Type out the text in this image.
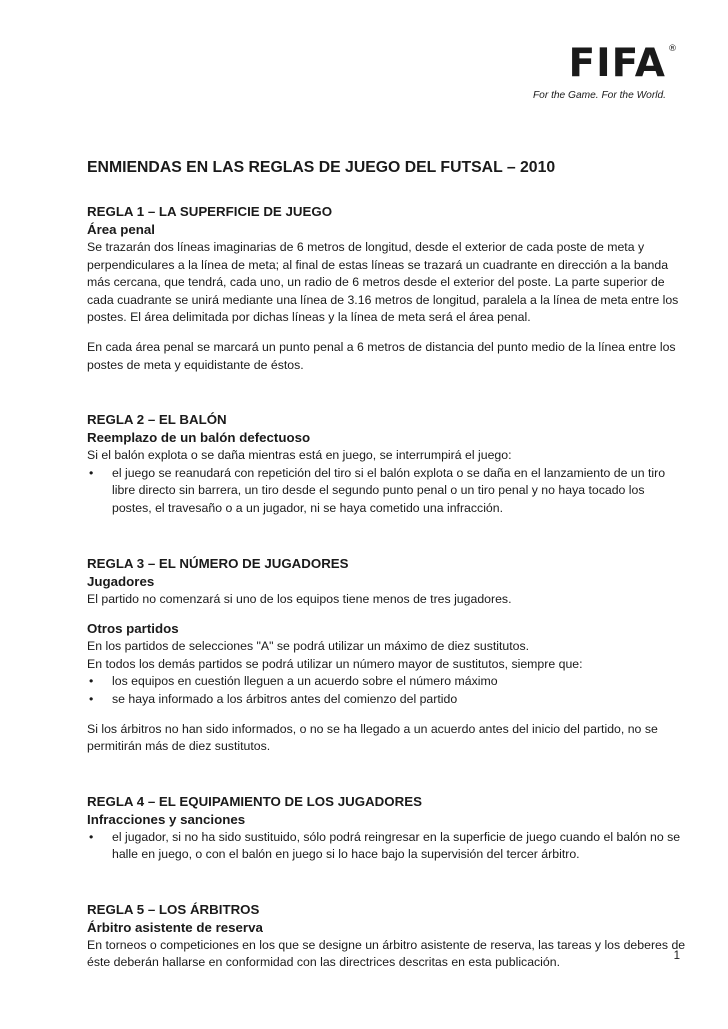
FIFA ®
For the Game. For the World.
ENMIENDAS EN LAS REGLAS DE JUEGO DEL FUTSAL – 2010
REGLA 1 – LA SUPERFICIE DE JUEGO
Área penal

Se trazarán dos líneas imaginarias de 6 metros de longitud, desde el exterior de cada poste de meta y perpendiculares a la línea de meta; al final de estas líneas se trazará un cuadrante en dirección a la banda más cercana, que tendrá, cada uno, un radio de 6 metros desde el exterior del poste. La parte superior de cada cuadrante se unirá mediante una línea de 3.16 metros de longitud, paralela a la línea de meta entre los postes. El área delimitada por dichas líneas y la línea de meta será el área penal.

En cada área penal se marcará un punto penal a 6 metros de distancia del punto medio de la línea entre los postes de meta y equidistante de éstos.

REGLA 2 – EL BALÓN
Reemplazo de un balón defectuoso

Si el balón explota o se daña mientras está en juego, se interrumpirá el juego:

• el juego se reanudará con repetición del tiro si el balón explota o se daña en el lanzamiento de un tiro libre directo sin barrera, un tiro desde el segundo punto penal o un tiro penal y no haya tocado los postes, el travesaño o a un jugador, ni se haya cometido una infracción.
REGLA 3 – EL NÚMERO DE JUGADORES
Jugadores

El partido no comenzará si uno de los equipos tiene menos de tres jugadores.

Otros partidos

En los partidos de selecciones "A" se podrá utilizar un máximo de diez sustitutos.

En todos los demás partidos se podrá utilizar un número mayor de sustitutos, siempre que:

• los equipos en cuestión lleguen a un acuerdo sobre el número máximo
• se haya informado a los árbitros antes del comienzo del partido

Si los árbitros no han sido informados, o no se ha llegado a un acuerdo antes del inicio del partido, no se permitirán más de diez sustitutos.

REGLA 4 – EL EQUIPAMIENTO DE LOS JUGADORES
Infracciones y sanciones
• el jugador, si no ha sido sustituido, sólo podrá reingresar en la superficie de juego cuando el balón no se halle en juego, o con el balón en juego si lo hace bajo la supervisión del tercer árbitro.
REGLA 5 – LOS ÁRBITROS
Árbitro asistente de reserva

En torneos o competiciones en los que se designe un árbitro asistente de reserva, las tareas y los deberes de éste deberán hallarse en conformidad con las directrices descritas en esta publicación.	1
